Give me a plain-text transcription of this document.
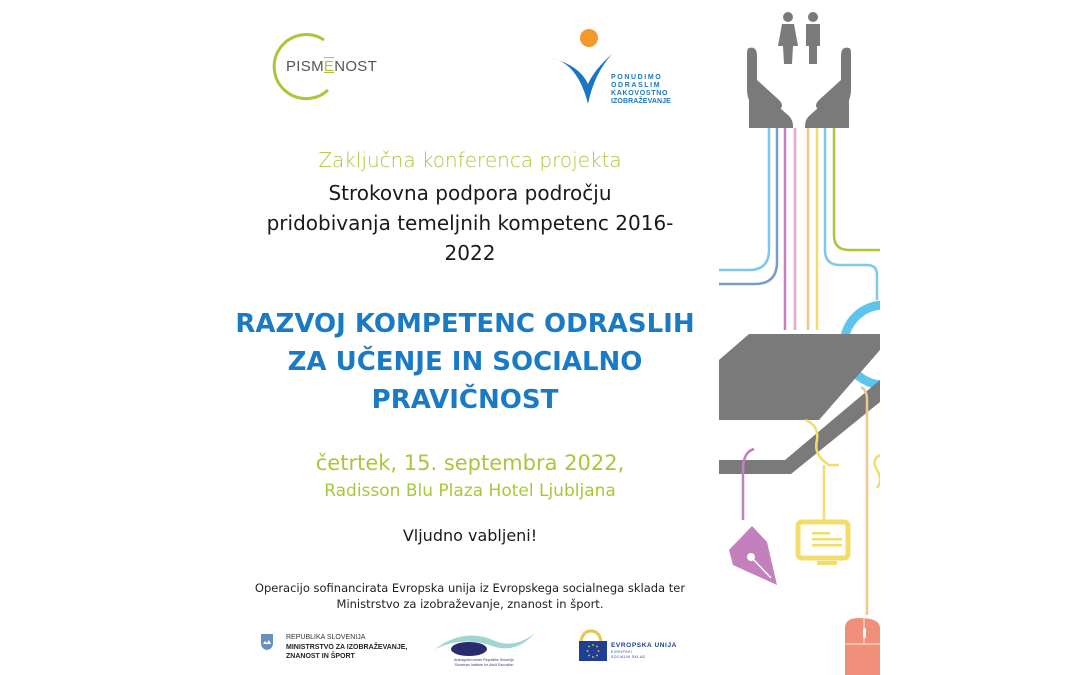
PISMENOST
PONUDIMO
ODRASLIM
KAKOVOSTNO
IZOBRAŽEVANJE
Zaključna konferenca projekta
Strokovna podpora področju
pridobivanja temeljnih kompetenc 2016-
2022
RAZVOJ KOMPETENC ODRASLIH
ZA UČENJE IN SOCIALNO
PRAVIČNOST
četrtek, 15. septembra 2022,
Radisson Blu Plaza Hotel Ljubljana
Vljudno vabljeni!
Operacijo sofinancirata Evropska unija iz Evropskega socialnega sklada ter
Ministrstvo za izobraževanje, znanost in šport.
REPUBLIKA SLOVENIJA
MINISTRSTVO ZA IZOBRAŽEVANJE,
ZNANOST IN ŠPORT	Andragoški center Republike Slovenije
Slovenian Institute for Adult Education
EVROPSKA UNIJA
EVROPSKI
SOCIALNI SKLAD
